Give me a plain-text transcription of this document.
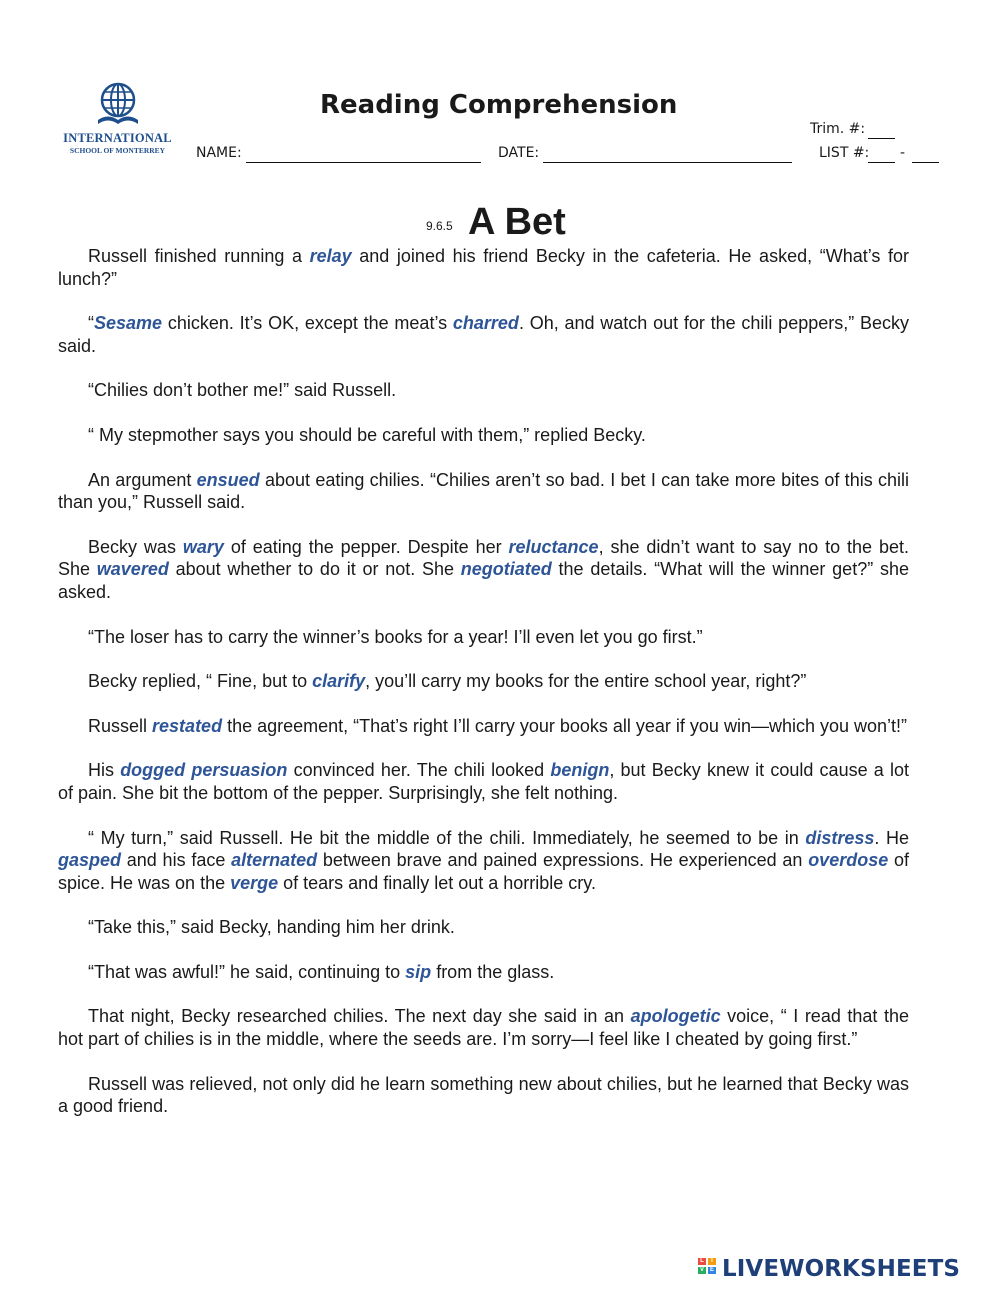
INTERNATIONAL
SCHOOL OF MONTERREY
Reading Comprehension
NAME:	DATE:
Trim. #:
LIST #: -
9.6.5 A Bet

Russell finished running a relay and joined his friend Becky in the cafeteria. He asked, “What’s for lunch?”

“Sesame chicken. It’s OK, except the meat’s charred. Oh, and watch out for the chili peppers,” Becky said.

“Chilies don’t bother me!” said Russell.

“ My stepmother says you should be careful with them,” replied Becky.

An argument ensued about eating chilies. “Chilies aren’t so bad. I bet I can take more bites of this chili than you,” Russell said.

Becky was wary of eating the pepper. Despite her reluctance, she didn’t want to say no to the bet. She wavered about whether to do it or not. She negotiated the details. “What will the winner get?” she asked.

“The loser has to carry the winner’s books for a year! I’ll even let you go first.”

Becky replied, “ Fine, but to clarify, you’ll carry my books for the entire school year, right?”

Russell restated the agreement, “That’s right I’ll carry your books all year if you win—which you won’t!”

His dogged persuasion convinced her. The chili looked benign, but Becky knew it could cause a lot of pain. She bit the bottom of the pepper. Surprisingly, she felt nothing.

“ My turn,” said Russell. He bit the middle of the chili. Immediately, he seemed to be in distress. He gasped and his face alternated between brave and pained expressions. He experienced an overdose of spice. He was on the verge of tears and finally let out a horrible cry.

“Take this,” said Becky, handing him her drink.

“That was awful!” he said, continuing to sip from the glass.

That night, Becky researched chilies. The next day she said in an apologetic voice, “ I read that the hot part of chilies is in the middle, where the seeds are. I’m sorry—I feel like I cheated by going first.”

Russell was relieved, not only did he learn something new about chilies, but he learned that Becky was a good friend.

L	I
V E LIVEWORKSHEETS
